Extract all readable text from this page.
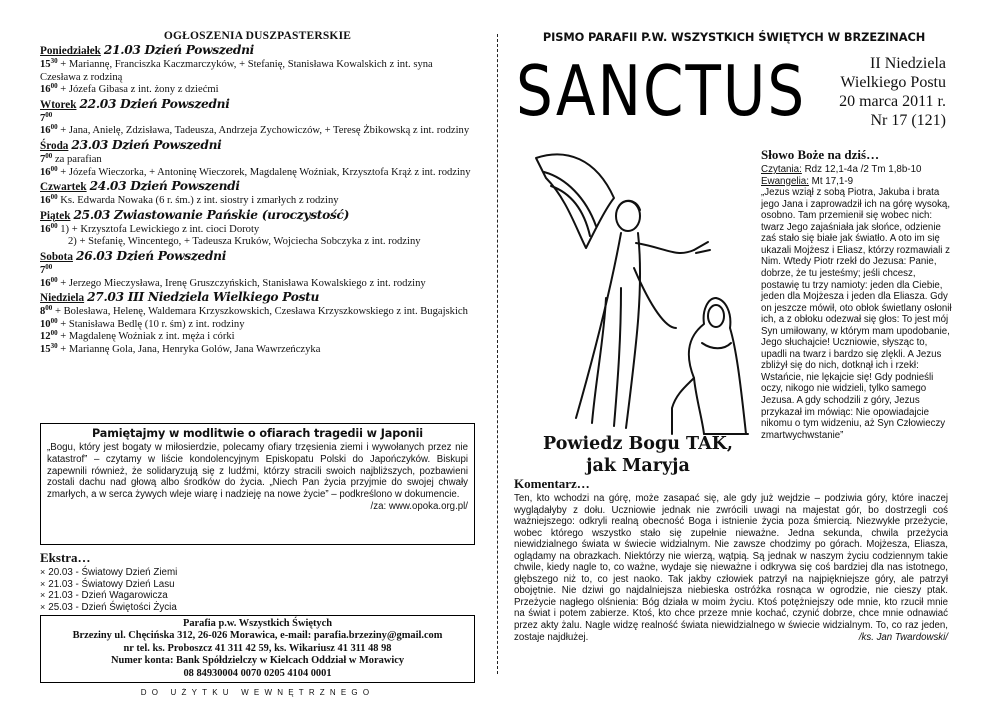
OGŁOSZENIA DUSZPASTERSKIE
Poniedziałek 21.03 Dzień Powszedni
$15^{30}$ + Mariannę, Franciszka Kaczmarczyków, + Stefanię, Stanisława Kowalskich z int. syna Czesława z rodziną
$16^{00}$ + Józefa Gibasa z int. żony z dziećmi
Wtorek 22.03 Dzień Powszedni
$7^{00}$
$16^{00}$ + Jana, Anielę, Zdzisława, Tadeusza, Andrzeja Zychowiczów, + Teresę Żbikowską z int. rodziny
Środa 23.03 Dzień Powszedni
$7^{00}$ za parafian
$16^{00}$ + Józefa Wieczorka, + Antoninę Wieczorek, Magdalenę Woźniak, Krzysztofa Krąż z int. rodziny
Czwartek 24.03 Dzień Powszendi
$16^{00}$ Ks. Edwarda Nowaka (6 r. śm.) z int. siostry i zmarłych z rodziny
Piątek 25.03 Zwiastowanie Pańskie (uroczystość)
$16^{00}$ 1) + Krzysztofa Lewickiego z int. cioci Doroty
2) + Stefanię, Wincentego, + Tadeusza Kruków, Wojciecha Sobczyka z int. rodziny
Sobota 26.03 Dzień Powszedni
$7^{00}$
$16^{00}$ + Jerzego Mieczysława, Irenę Gruszczyńskich, Stanisława Kowalskiego z int. rodziny
Niedziela 27.03 III Niedziela Wielkiego Postu
$8^{00}$ + Bolesława, Helenę, Waldemara Krzyszkowskich, Czesława Krzyszkowskiego z int. Bugajskich
$10^{00}$ + Stanisława Bedlę (10 r. śm) z int. rodziny
$12^{00}$ + Magdalenę Woźniak z int. męża i córki
$15^{30}$ + Mariannę Gola, Jana, Henryka Golów, Jana Wawrzeńczyka
Pamiętajmy w modlitwie o ofiarach tragedii w Japonii
„Bogu, który jest bogaty w miłosierdzie, polecamy ofiary trzęsienia ziemi i wywołanych przez nie katastrof” – czytamy w liście kondolencyjnym Episkopatu Polski do Japończyków. Biskupi zapewnili również, że solidaryzują się z ludźmi, którzy stracili swoich najbliższych, pozbawieni zostali dachu nad głową albo środków do życia. „Niech Pan życia przyjmie do swojej chwały zmarłych, a w serca żywych wleje wiarę i nadzieję na nowe życie” – podkreślono w dokumencie.
/za: www.opoka.org.pl/
Ekstra…
× 20.03 - Światowy Dzień Ziemi
× 21.03 - Światowy Dzień Lasu
× 21.03 - Dzień Wagarowicza
× 25.03 - Dzień Świętości Życia
Parafia p.w. Wszystkich Świętych
Brzeziny ul. Chęcińska 312, 26-026 Morawica, e-mail: parafia.brzeziny@gmail.com
nr tel. ks. Proboszcz 41 311 42 59, ks. Wikariusz 41 311 48 98
Numer konta: Bank Spółdzielczy w Kielcach Oddział w Morawicy
08 84930004 0070 0205 4104 0001
DO UŻYTKU WEWNĘTRZNEGO
PISMO PARAFII P.W. WSZYSTKICH ŚWIĘTYCH W BRZEZINACH
SANCTUS	II Niedziela
Wielkiego Postu
20 marca 2011 r.
Nr 17 (121)
Słowo Boże na dziś…
Czytania: Rdz 12,1-4a /2 Tm 1,8b-10
Ewangelia: Mt 17,1-9
„Jezus wziął z sobą Piotra, Jakuba i brata jego Jana i zaprowadził ich na górę wysoką, osobno. Tam przemienił się wobec nich: twarz Jego zajaśniała jak słońce, odzienie zaś stało się białe jak światło. A oto im się ukazali Mojżesz i Eliasz, którzy rozmawiali z Nim. Wtedy Piotr rzekł do Jezusa: Panie, dobrze, że tu jesteśmy; jeśli chcesz, postawię tu trzy namioty: jeden dla Ciebie, jeden dla Mojżesza i jeden dla Eliasza. Gdy on jeszcze mówił, oto obłok świetlany osłonił ich, a z obłoku odezwał się głos: To jest mój Syn umiłowany, w którym mam upodobanie, Jego słuchajcie! Uczniowie, słysząc to, upadli na twarz i bardzo się zlękli. A Jezus zbliżył się do nich, dotknął ich i rzekł: Wstańcie, nie lękajcie się! Gdy podnieśli oczy, nikogo nie widzieli, tylko samego Jezusa. A gdy schodzili z góry, Jezus przykazał im mówiąc: Nie opowiadajcie nikomu o tym widzeniu, aż Syn Człowieczy zmartwychwstanie”
Powiedz Bogu TAK,
jak Maryja
Komentarz…
Ten, kto wchodzi na górę, może zasapać się, ale gdy już wejdzie – podziwia góry, które inaczej wyglądałyby z dołu. Uczniowie jednak nie zwrócili uwagi na majestat gór, bo dostrzegli coś ważniejszego: odkryli realną obecność Boga i istnienie życia poza śmiercią. Niezwykłe przeżycie, wobec którego wszystko stało się zupełnie nieważne. Jedna sekunda, chwila przeżycia niewidzialnego świata w świecie widzialnym. Nie zawsze chodzimy po górach. Mojżesza, Eliasza, oglądamy na obrazkach. Niektórzy nie wierzą, wątpią. Są jednak w naszym życiu codziennym takie chwile, kiedy nagle to, co ważne, wydaje się nieważne i odkrywa się coś bardziej dla nas istotnego, głębszego niż to, co jest naoko. Tak jakby człowiek patrzył na najpiękniejsze góry, ale patrzył obojętnie. Nie dziwi go najdalniejsza niebieska ostróżka rosnąca w ogrodzie, nie cieszy ptak. Przeżycie nagłego olśnienia: Bóg działa w moim życiu. Ktoś potężniejszy ode mnie, kto rzucił mnie na świat i potem zabierze. Ktoś, kto chce przeze mnie kochać, czynić dobrze, chce mnie odnawiać przez akty żalu. Nagle widzę realność świata niewidzialnego w świecie widzialnym. To, co raz jeden, zostaje najdłużej.	/ks. Jan Twardowski/
